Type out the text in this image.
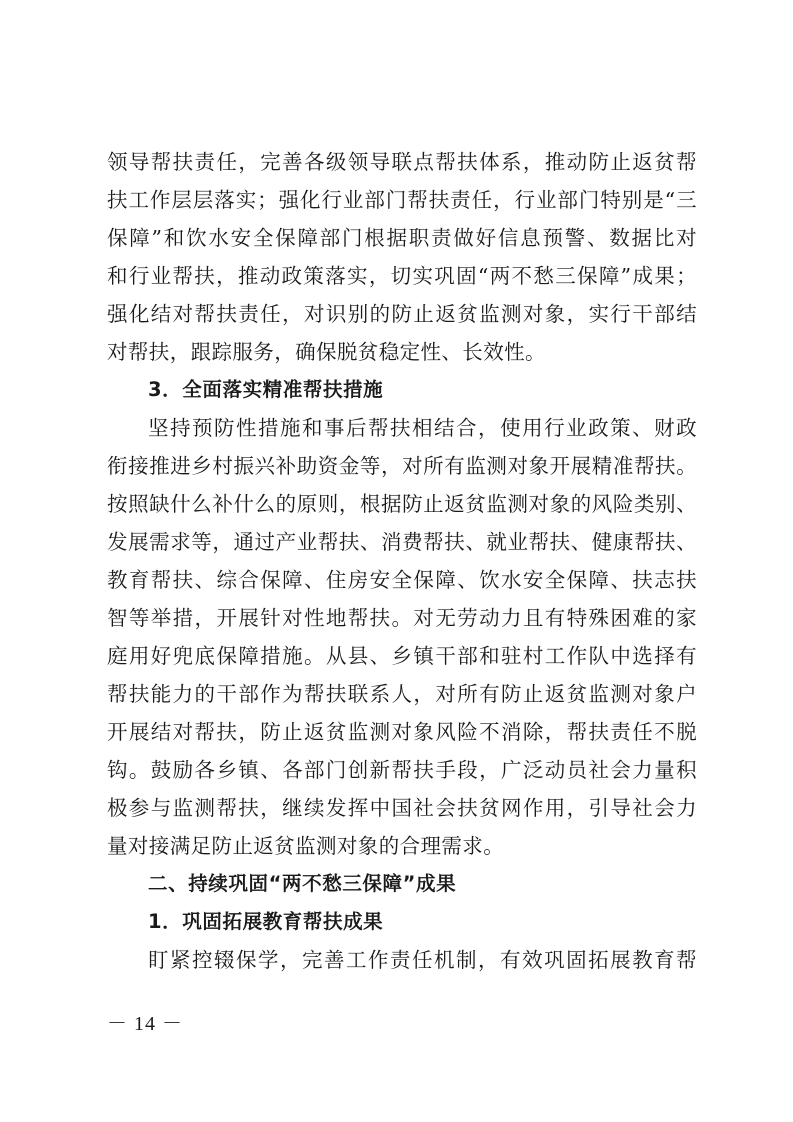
领导帮扶责任，完善各级领导联点帮扶体系，推动防止返贫帮
扶工作层层落实；强化行业部门帮扶责任，行业部门特别是“三
保障”和饮水安全保障部门根据职责做好信息预警、数据比对
和行业帮扶，推动政策落实，切实巩固“两不愁三保障”成果；
强化结对帮扶责任，对识别的防止返贫监测对象，实行干部结
对帮扶，跟踪服务，确保脱贫稳定性、长效性。
3．全面落实精准帮扶措施
坚持预防性措施和事后帮扶相结合，使用行业政策、财政
衔接推进乡村振兴补助资金等，对所有监测对象开展精准帮扶。
按照缺什么补什么的原则，根据防止返贫监测对象的风险类别、
发展需求等，通过产业帮扶、消费帮扶、就业帮扶、健康帮扶、
教育帮扶、综合保障、住房安全保障、饮水安全保障、扶志扶
智等举措，开展针对性地帮扶。对无劳动力且有特殊困难的家
庭用好兜底保障措施。从县、乡镇干部和驻村工作队中选择有
帮扶能力的干部作为帮扶联系人，对所有防止返贫监测对象户
开展结对帮扶，防止返贫监测对象风险不消除，帮扶责任不脱
钩。鼓励各乡镇、各部门创新帮扶手段，广泛动员社会力量积
极参与监测帮扶，继续发挥中国社会扶贫网作用，引导社会力
量对接满足防止返贫监测对象的合理需求。
二、持续巩固“两不愁三保障”成果
1．巩固拓展教育帮扶成果
盯紧控辍保学，完善工作责任机制，有效巩固拓展教育帮
－ 14 －
